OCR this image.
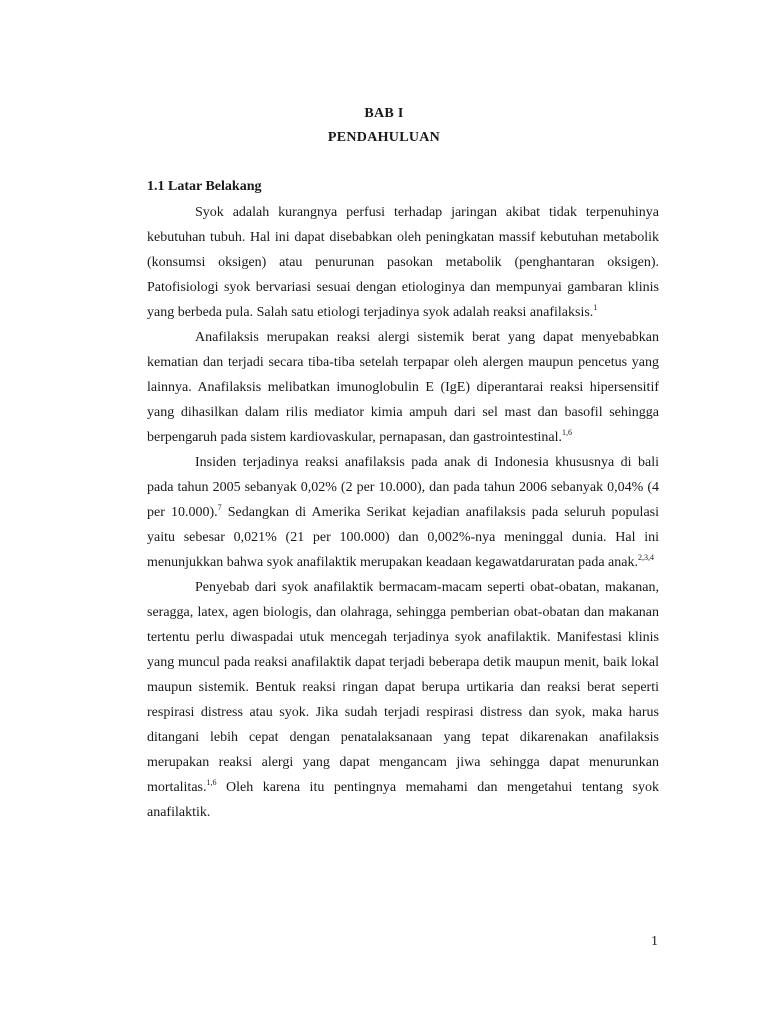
BAB I
PENDAHULUAN
1.1 Latar Belakang

Syok adalah kurangnya perfusi terhadap jaringan akibat tidak terpenuhinya kebutuhan tubuh. Hal ini dapat disebabkan oleh peningkatan massif kebutuhan metabolik (konsumsi oksigen) atau penurunan pasokan metabolik (penghantaran oksigen). Patofisiologi syok bervariasi sesuai dengan etiologinya dan mempunyai gambaran klinis yang berbeda pula. Salah satu etiologi terjadinya syok adalah reaksi anafilaksis.$^1$

Anafilaksis merupakan reaksi alergi sistemik berat yang dapat menyebabkan kematian dan terjadi secara tiba-tiba setelah terpapar oleh alergen maupun pencetus yang lainnya. Anafilaksis melibatkan imunoglobulin E (IgE) diperantarai reaksi hipersensitif yang dihasilkan dalam rilis mediator kimia ampuh dari sel mast dan basofil sehingga berpengaruh pada sistem kardiovaskular, pernapasan, dan gastrointestinal.$^{1,6}$

Insiden terjadinya reaksi anafilaksis pada anak di Indonesia khususnya di bali pada tahun 2005 sebanyak 0,02% (2 per 10.000), dan pada tahun 2006 sebanyak 0,04% (4 per 10.000).$^7$ Sedangkan di Amerika Serikat kejadian anafilaksis pada seluruh populasi yaitu sebesar 0,021% (21 per 100.000) dan 0,002%-nya meninggal dunia. Hal ini menunjukkan bahwa syok anafilaktik merupakan keadaan kegawatdaruratan pada anak.$^{2,3,4}$

Penyebab dari syok anafilaktik bermacam-macam seperti obat-obatan, makanan, seragga, latex, agen biologis, dan olahraga, sehingga pemberian obat-obatan dan makanan tertentu perlu diwaspadai utuk mencegah terjadinya syok anafilaktik. Manifestasi klinis yang muncul pada reaksi anafilaktik dapat terjadi beberapa detik maupun menit, baik lokal maupun sistemik. Bentuk reaksi ringan dapat berupa urtikaria dan reaksi berat seperti respirasi distress atau syok. Jika sudah terjadi respirasi distress dan syok, maka harus ditangani lebih cepat dengan penatalaksanaan yang tepat dikarenakan anafilaksis merupakan reaksi alergi yang dapat mengancam jiwa sehingga dapat menurunkan mortalitas.$^{1,6}$ Oleh karena itu pentingnya memahami dan mengetahui tentang syok anafilaktik.

1
